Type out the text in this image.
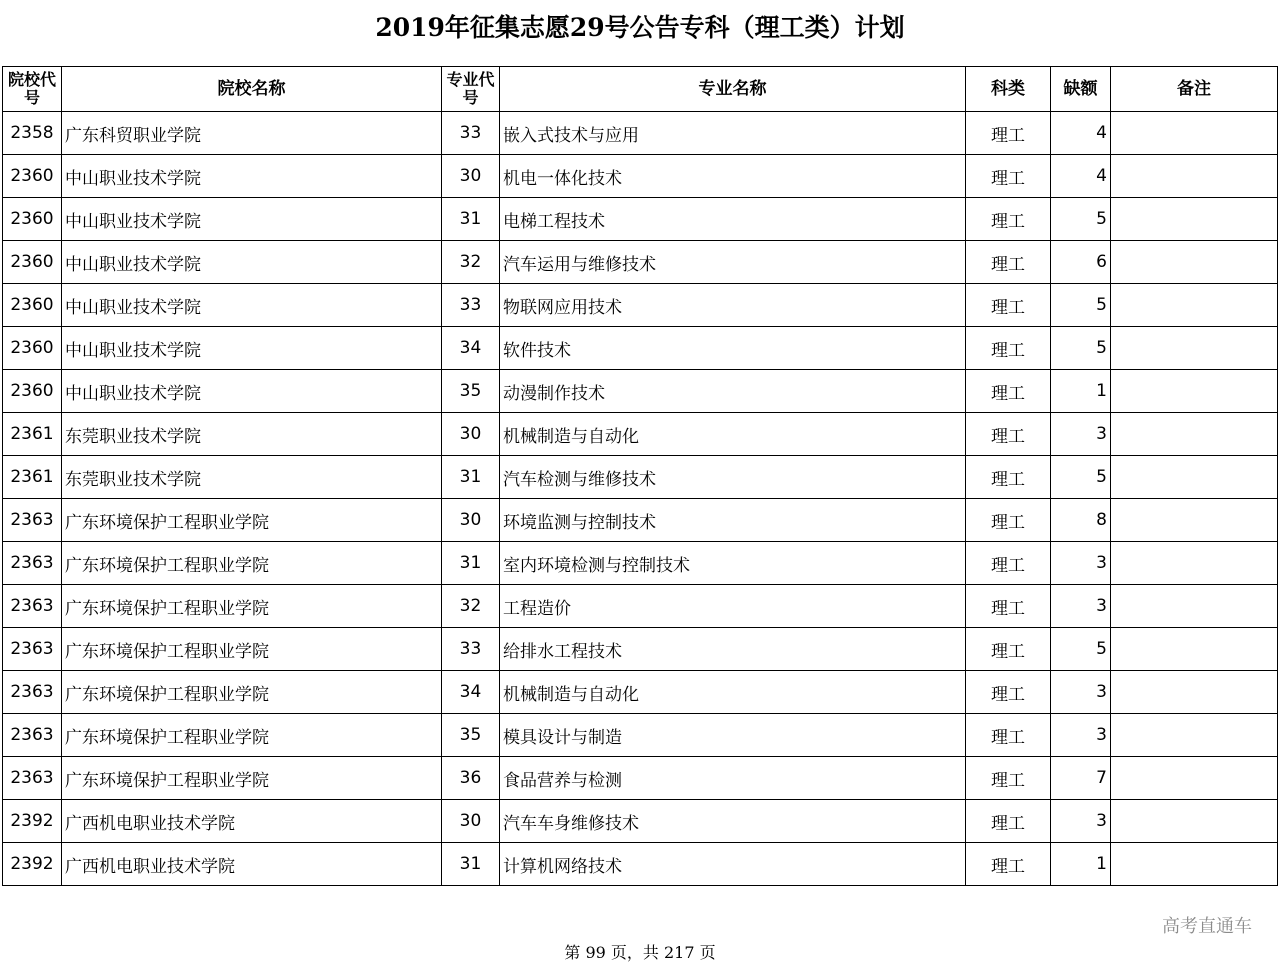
2019年征集志愿29号公告专科（理工类）计划
院校代号	院校名称	专业代号	专业名称	科类	缺额	备注
2358	广东科贸职业学院	33	嵌入式技术与应用	理工	4	
2360	中山职业技术学院	30	机电一体化技术	理工	4	
2360	中山职业技术学院	31	电梯工程技术	理工	5	
2360	中山职业技术学院	32	汽车运用与维修技术	理工	6	
2360	中山职业技术学院	33	物联网应用技术	理工	5	
2360	中山职业技术学院	34	软件技术	理工	5	
2360	中山职业技术学院	35	动漫制作技术	理工	1	
2361	东莞职业技术学院	30	机械制造与自动化	理工	3	
2361	东莞职业技术学院	31	汽车检测与维修技术	理工	5	
2363	广东环境保护工程职业学院	30	环境监测与控制技术	理工	8	
2363	广东环境保护工程职业学院	31	室内环境检测与控制技术	理工	3	
2363	广东环境保护工程职业学院	32	工程造价	理工	3	
2363	广东环境保护工程职业学院	33	给排水工程技术	理工	5	
2363	广东环境保护工程职业学院	34	机械制造与自动化	理工	3	
2363	广东环境保护工程职业学院	35	模具设计与制造	理工	3	
2363	广东环境保护工程职业学院	36	食品营养与检测	理工	7	
2392	广西机电职业技术学院	30	汽车车身维修技术	理工	3	
2392	广西机电职业技术学院	31	计算机网络技术	理工	1	
高考直通车
第 99 页，共 217 页
